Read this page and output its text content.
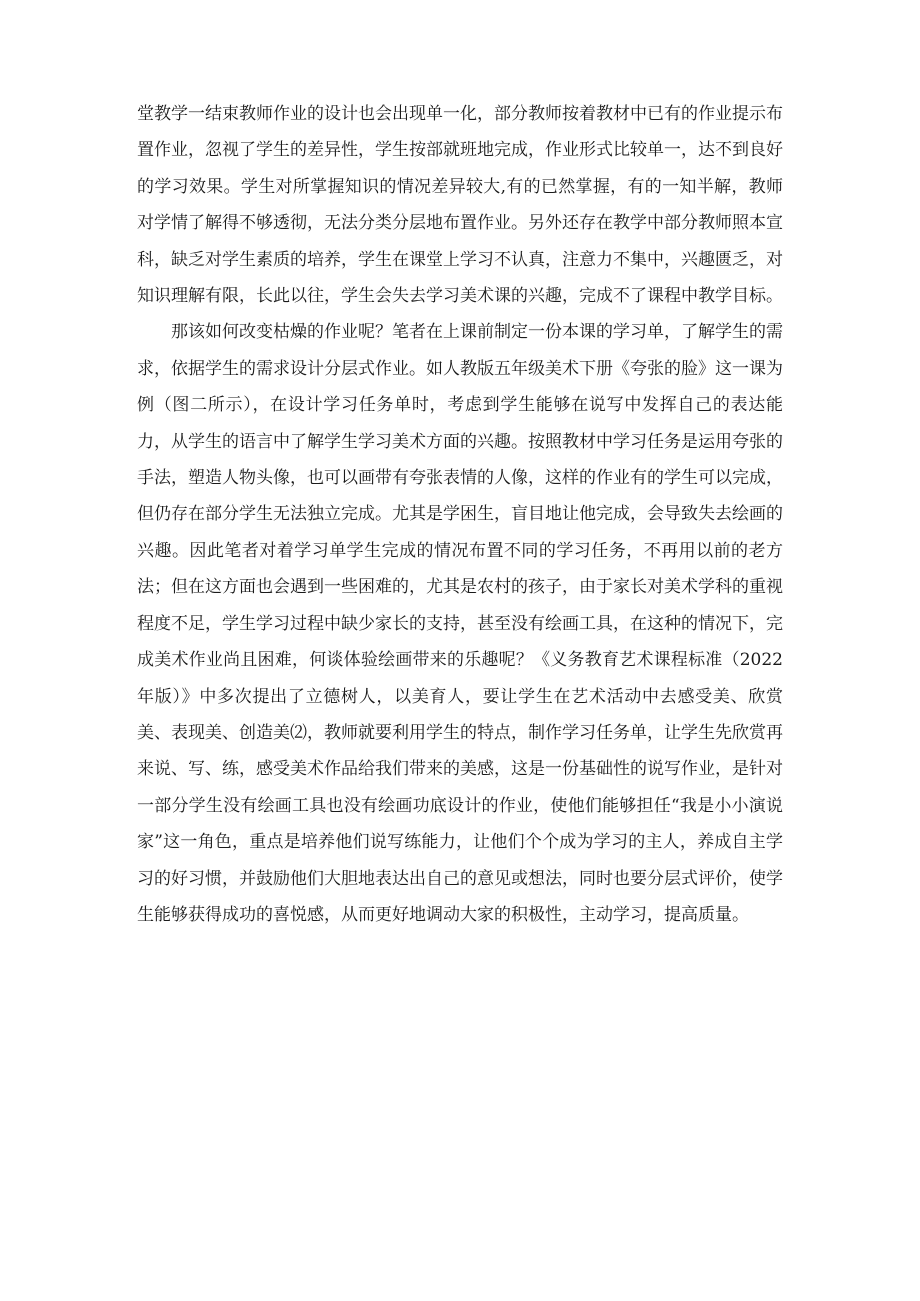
堂教学一结束教师作业的设计也会出现单一化，部分教师按着教材中已有的作业提示布置作业，忽视了学生的差异性，学生按部就班地完成，作业形式比较单一，达不到良好的学习效果。学生对所掌握知识的情况差异较大,有的已然掌握，有的一知半解，教师对学情了解得不够透彻，无法分类分层地布置作业。另外还存在教学中部分教师照本宣科，缺乏对学生素质的培养，学生在课堂上学习不认真，注意力不集中，兴趣匮乏，对知识理解有限，长此以往，学生会失去学习美术课的兴趣，完成不了课程中教学目标。

那该如何改变枯燥的作业呢？笔者在上课前制定一份本课的学习单，了解学生的需求，依据学生的需求设计分层式作业。如人教版五年级美术下册《夸张的脸》这一课为例（图二所示），在设计学习任务单时，考虑到学生能够在说写中发挥自己的表达能力，从学生的语言中了解学生学习美术方面的兴趣。按照教材中学习任务是运用夸张的手法，塑造人物头像，也可以画带有夸张表情的人像，这样的作业有的学生可以完成，但仍存在部分学生无法独立完成。尤其是学困生，盲目地让他完成，会导致失去绘画的兴趣。因此笔者对着学习单学生完成的情况布置不同的学习任务，不再用以前的老方法；但在这方面也会遇到一些困难的，尤其是农村的孩子，由于家长对美术学科的重视程度不足，学生学习过程中缺少家长的支持，甚至没有绘画工具，在这种的情况下，完成美术作业尚且困难，何谈体验绘画带来的乐趣呢？《义务教育艺术课程标准（2022年版）》中多次提出了立德树人，以美育人，要让学生在艺术活动中去感受美、欣赏美、表现美、创造美⑵，教师就要利用学生的特点，制作学习任务单，让学生先欣赏再来说、写、练，感受美术作品给我们带来的美感，这是一份基础性的说写作业，是针对一部分学生没有绘画工具也没有绘画功底设计的作业，使他们能够担任“我是小小演说家”这一角色，重点是培养他们说写练能力，让他们个个成为学习的主人，养成自主学习的好习惯，并鼓励他们大胆地表达出自己的意见或想法，同时也要分层式评价，使学生能够获得成功的喜悦感，从而更好地调动大家的积极性，主动学习，提高质量。
